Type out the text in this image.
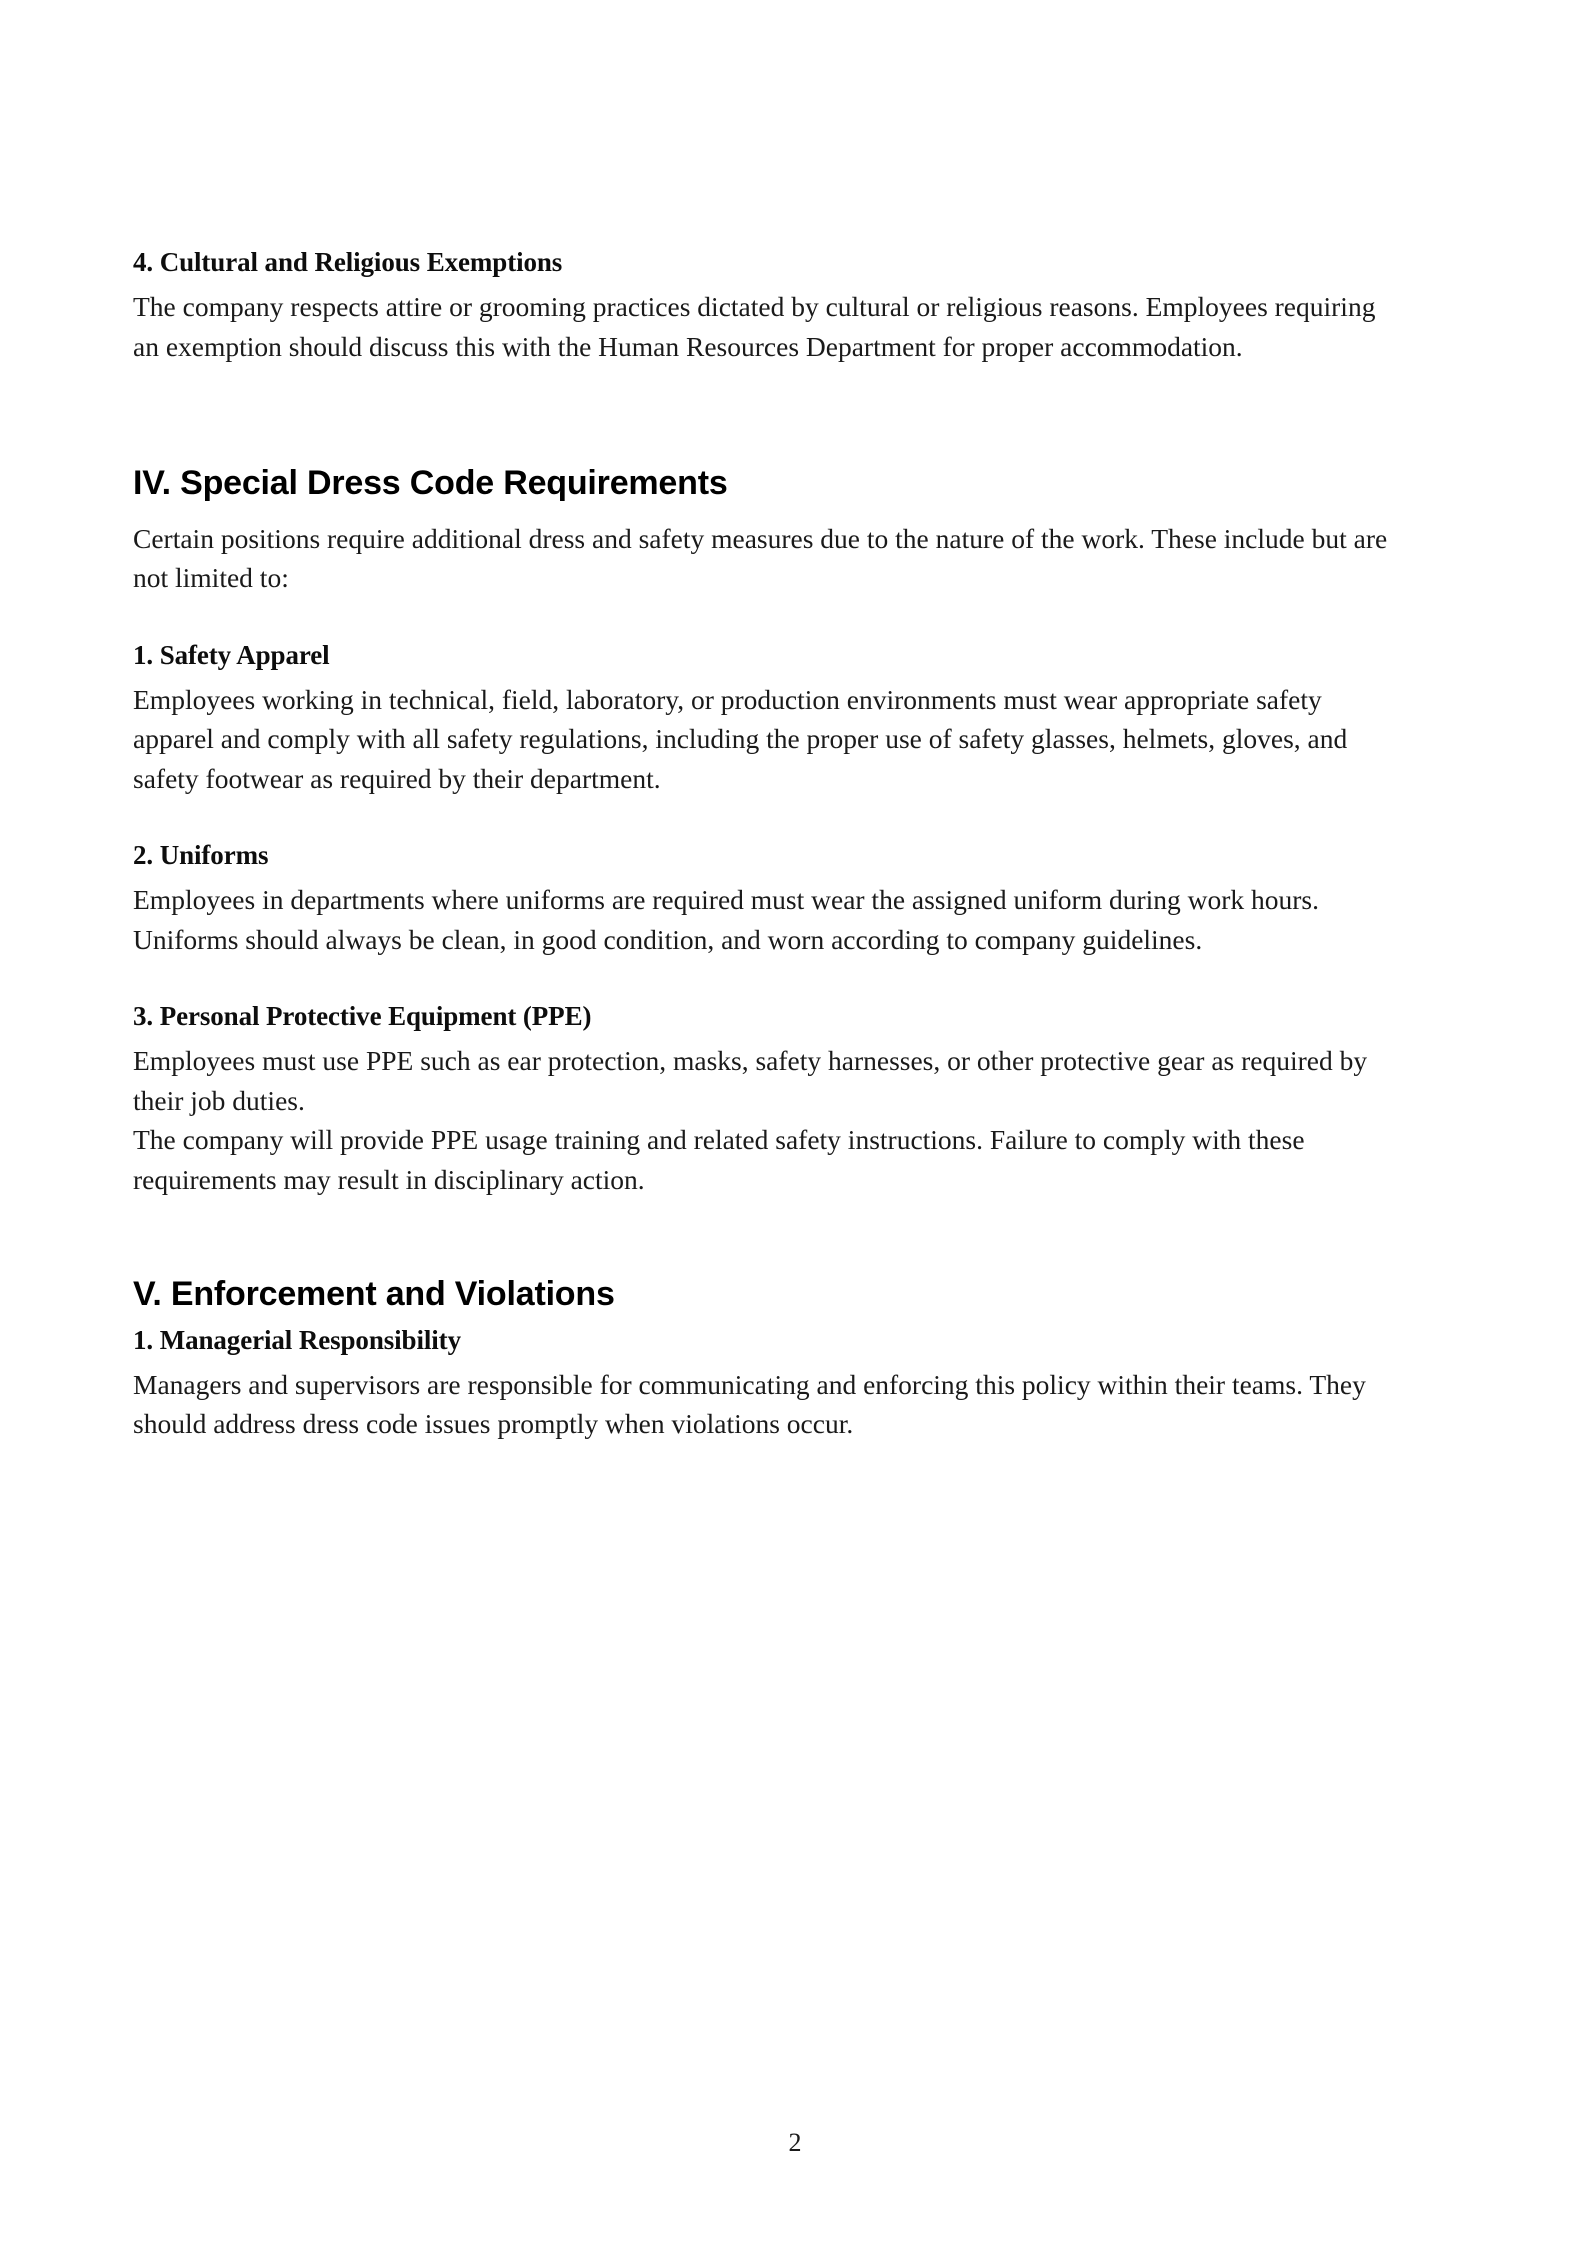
4. Cultural and Religious Exemptions

The company respects attire or grooming practices dictated by cultural or religious reasons. Employees requiring an exemption should discuss this with the Human Resources Department for proper accommodation.

IV. Special Dress Code Requirements

Certain positions require additional dress and safety measures due to the nature of the work. These include but are not limited to:

1. Safety Apparel

Employees working in technical, field, laboratory, or production environments must wear appropriate safety apparel and comply with all safety regulations, including the proper use of safety glasses, helmets, gloves, and safety footwear as required by their department.

2. Uniforms

Employees in departments where uniforms are required must wear the assigned uniform during work hours. Uniforms should always be clean, in good condition, and worn according to company guidelines.

3. Personal Protective Equipment (PPE)

Employees must use PPE such as ear protection, masks, safety harnesses, or other protective gear as required by their job duties.

The company will provide PPE usage training and related safety instructions. Failure to comply with these requirements may result in disciplinary action.

V. Enforcement and Violations
1. Managerial Responsibility

Managers and supervisors are responsible for communicating and enforcing this policy within their teams. They should address dress code issues promptly when violations occur.

2
